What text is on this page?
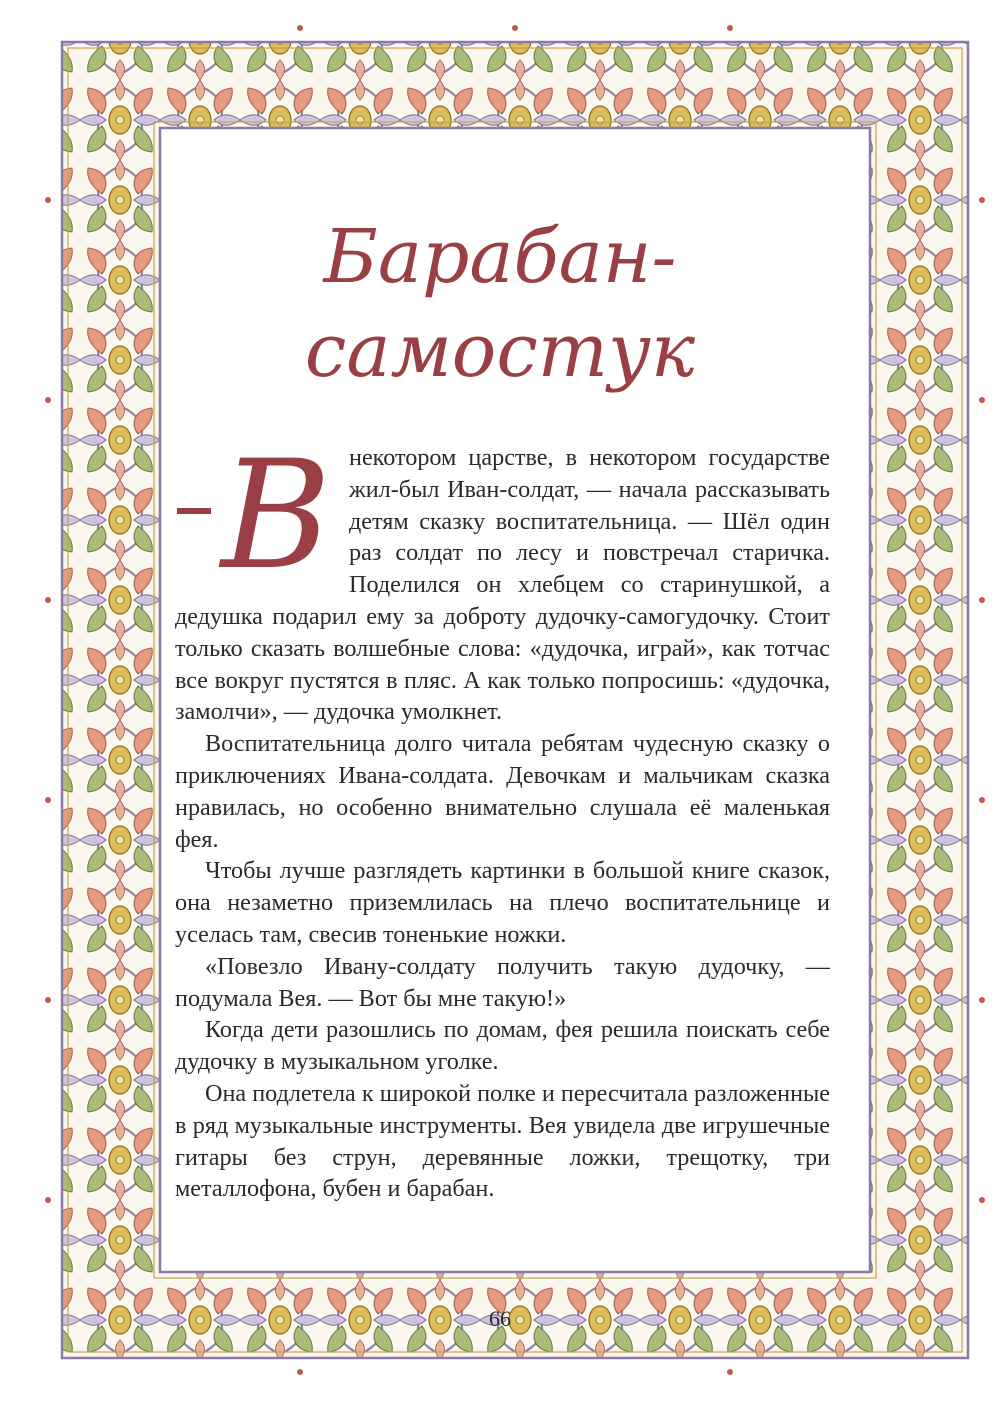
Барабан-
самостук
В некотором царстве, в некотором государстве жил-был Иван-солдат, — начала рассказывать детям сказку воспитательница. — Шёл один раз солдат по лесу и повстречал старичка. Поделился он хлебцем со старинушкой, а дедушка подарил ему за доброту дудочку-самогудочку. Стоит только сказать волшебные слова: «дудочка, играй», как тотчас все вокруг пустятся в пляс. А как только попросишь: «дудочка, замолчи», — дудочка умолкнет.

Воспитательница долго читала ребятам чудесную сказку о приключениях Ивана-солдата. Девочкам и мальчикам сказка нравилась, но особенно внимательно слушала её маленькая фея.

Чтобы лучше разглядеть картинки в большой книге сказок, она незаметно приземлилась на плечо воспитательнице и уселась там, свесив тоненькие ножки.

«Повезло Ивану-солдату получить такую дудочку, — подумала Вея. — Вот бы мне такую!»

Когда дети разошлись по домам, фея решила поискать себе дудочку в музыкальном уголке.

Она подлетела к широкой полке и пересчитала разложенные в ряд музыкальные инструменты. Вея увидела две игрушечные гитары без струн, деревянные ложки, трещотку, три металлофона, бубен и барабан.

66
